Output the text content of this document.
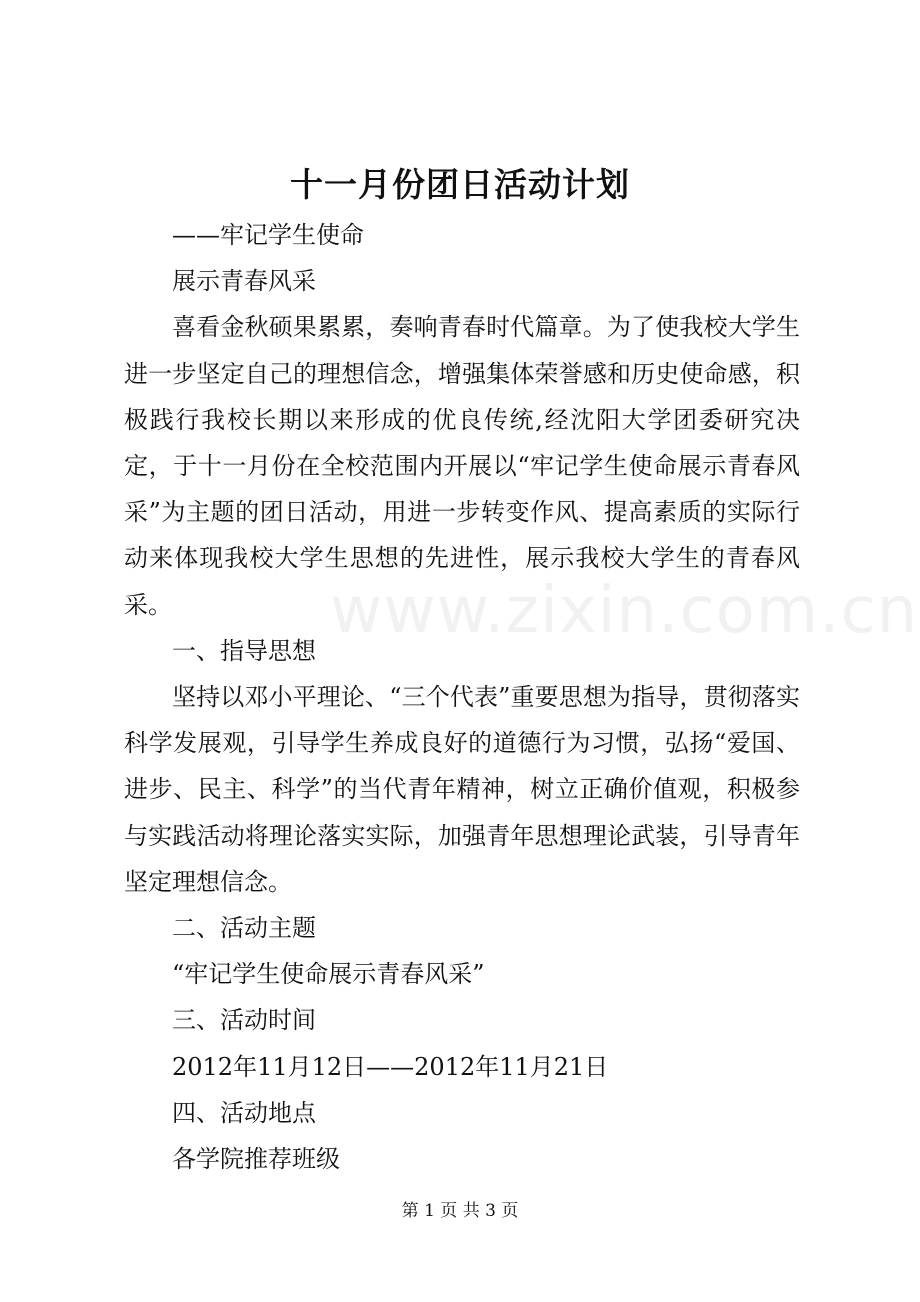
www.zixin.com.cn
十一月份团日活动计划

——牢记学生使命

展示青春风采

喜看金秋硕果累累，奏响青春时代篇章。为了使我校大学生进一步坚定自己的理想信念，增强集体荣誉感和历史使命感，积极践行我校长期以来形成的优良传统,经沈阳大学团委研究决定，于十一月份在全校范围内开展以“牢记学生使命展示青春风采”为主题的团日活动，用进一步转变作风、提高素质的实际行动来体现我校大学生思想的先进性，展示我校大学生的青春风采。

一、指导思想

坚持以邓小平理论、“三个代表”重要思想为指导，贯彻落实科学发展观，引导学生养成良好的道德行为习惯，弘扬“爱国、进步、民主、科学”的当代青年精神，树立正确价值观，积极参与实践活动将理论落实实际，加强青年思想理论武装，引导青年坚定理想信念。

二、活动主题

“牢记学生使命展示青春风采”

三、活动时间

2012年11月12日——2012年11月21日

四、活动地点

各学院推荐班级

第 1 页 共 3 页
